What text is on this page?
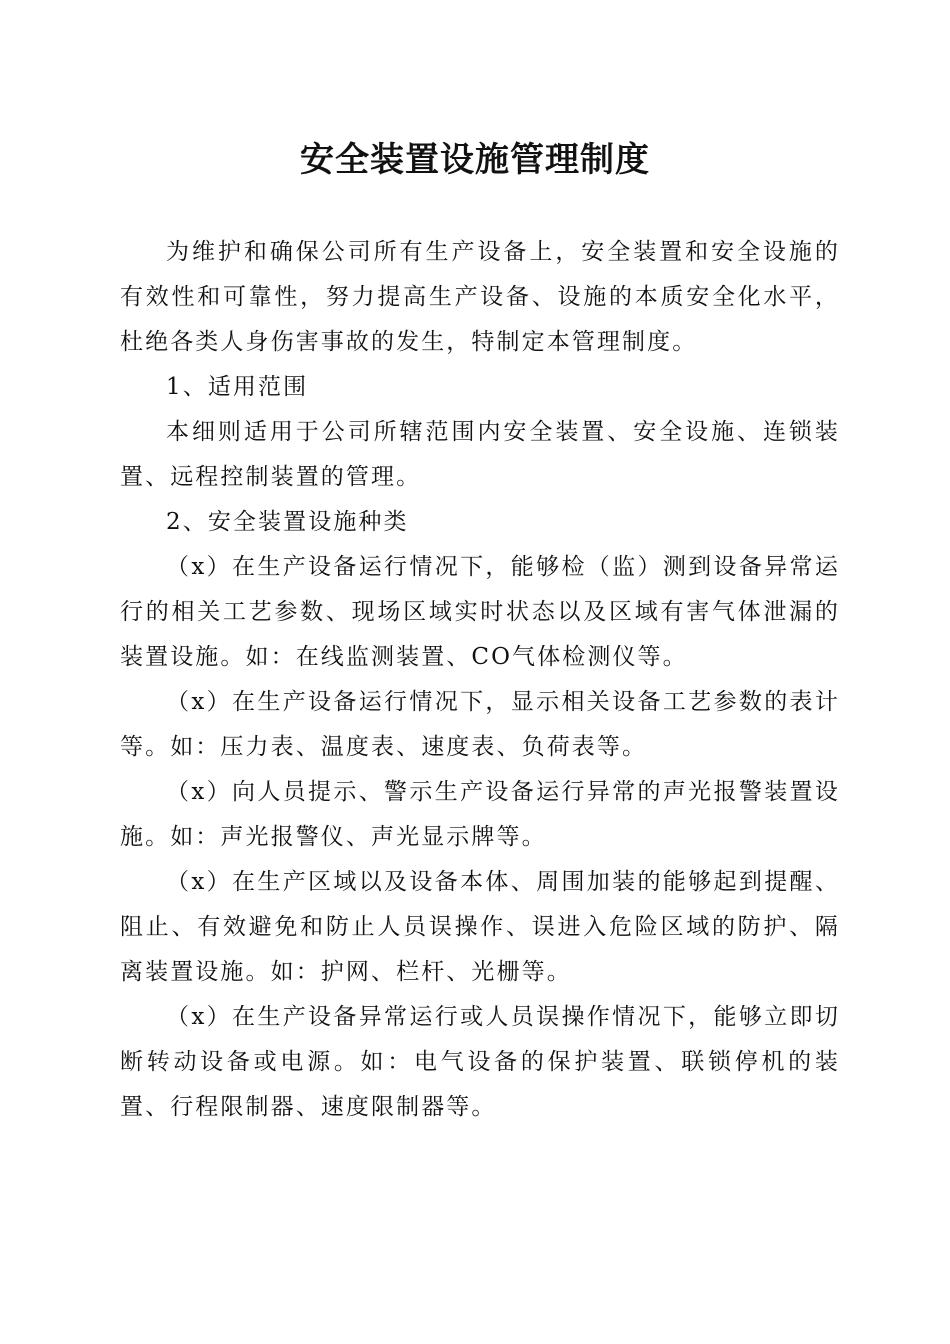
安全装置设施管理制度

为维护和确保公司所有生产设备上，安全装置和安全设施的有效性和可靠性，努力提高生产设备、设施的本质安全化水平，杜绝各类人身伤害事故的发生，特制定本管理制度。

1、适用范围

本细则适用于公司所辖范围内安全装置、安全设施、连锁装置、远程控制装置的管理。

2、安全装置设施种类

（x）在生产设备运行情况下，能够检（监）测到设备异常运行的相关工艺参数、现场区域实时状态以及区域有害气体泄漏的装置设施。如：在线监测装置、CO气体检测仪等。

（x）在生产设备运行情况下，显示相关设备工艺参数的表计等。如：压力表、温度表、速度表、负荷表等。

（x）向人员提示、警示生产设备运行异常的声光报警装置设施。如：声光报警仪、声光显示牌等。

（x）在生产区域以及设备本体、周围加装的能够起到提醒、阻止、有效避免和防止人员误操作、误进入危险区域的防护、隔离装置设施。如：护网、栏杆、光栅等。

（x）在生产设备异常运行或人员误操作情况下，能够立即切断转动设备或电源。如：电气设备的保护装置、联锁停机的装置、行程限制器、速度限制器等。
